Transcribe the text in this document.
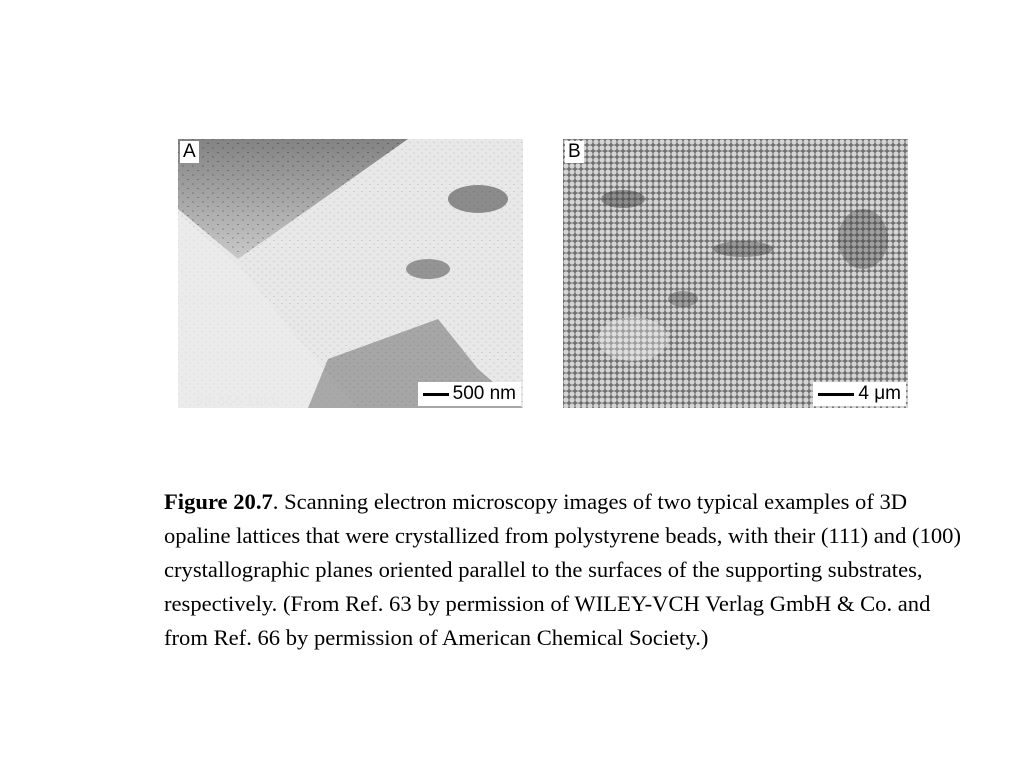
A
98-856 10kV	500 nm
B
4 μm
Figure 20.7. Scanning electron microscopy images of two typical examples of 3D opaline lattices that were crystallized from polystyrene beads, with their (111) and (100) crystallographic planes oriented parallel to the surfaces of the supporting substrates, respectively. (From Ref. 63 by permission of WILEY-VCH Verlag GmbH & Co. and from Ref. 66 by permission of American Chemical Society.)
